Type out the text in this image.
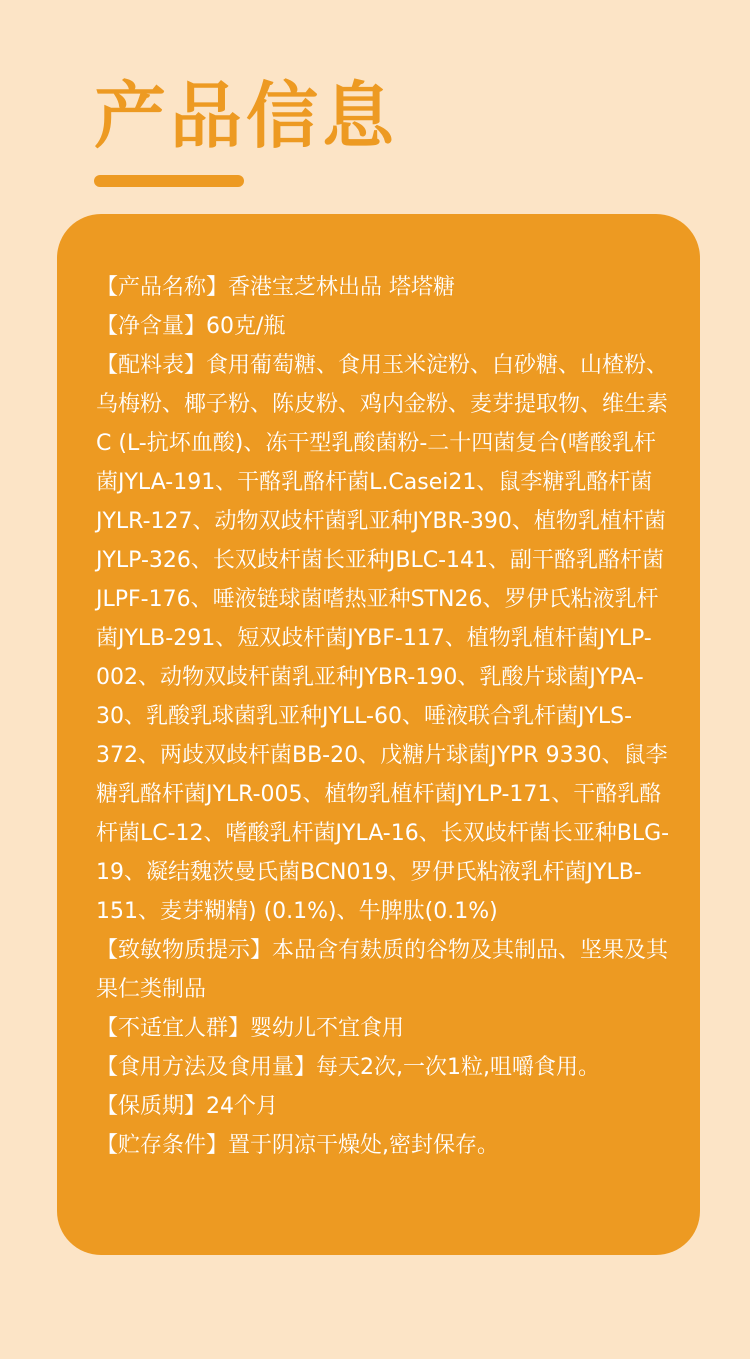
产品信息
【产品名称】香港宝芝林出品 塔塔糖
【净含量】60克/瓶
【配料表】食用葡萄糖、食用玉米淀粉、白砂糖、山楂粉、乌梅粉、椰子粉、陈皮粉、鸡内金粉、麦芽提取物、维生素C (L-抗坏血酸)、冻干型乳酸菌粉-二十四菌复合(嗜酸乳杆菌JYLA-191、干酪乳酪杆菌L.Casei21、鼠李糖乳酪杆菌JYLR-127、动物双歧杆菌乳亚种JYBR-390、植物乳植杆菌JYLP-326、长双歧杆菌长亚种JBLC-141、副干酪乳酪杆菌JLPF-176、唾液链球菌嗜热亚种STN26、罗伊氏粘液乳杆菌JYLB-291、短双歧杆菌JYBF-117、植物乳植杆菌JYLP-002、动物双歧杆菌乳亚种JYBR-190、乳酸片球菌JYPA-30、乳酸乳球菌乳亚种JYLL-60、唾液联合乳杆菌JYLS-372、两歧双歧杆菌BB-20、戊糖片球菌JYPR 9330、鼠李糖乳酪杆菌JYLR-005、植物乳植杆菌JYLP-171、干酪乳酪杆菌LC-12、嗜酸乳杆菌JYLA-16、长双歧杆菌长亚种BLG-19、凝结魏茨曼氏菌BCN019、罗伊氏粘液乳杆菌JYLB-151、麦芽糊精) (0.1%)、牛脾肽(0.1%)
【致敏物质提示】本品含有麸质的谷物及其制品、坚果及其果仁类制品
【不适宜人群】婴幼儿不宜食用
【食用方法及食用量】每天2次,一次1粒,咀嚼食用。
【保质期】24个月
【贮存条件】置于阴凉干燥处,密封保存。
